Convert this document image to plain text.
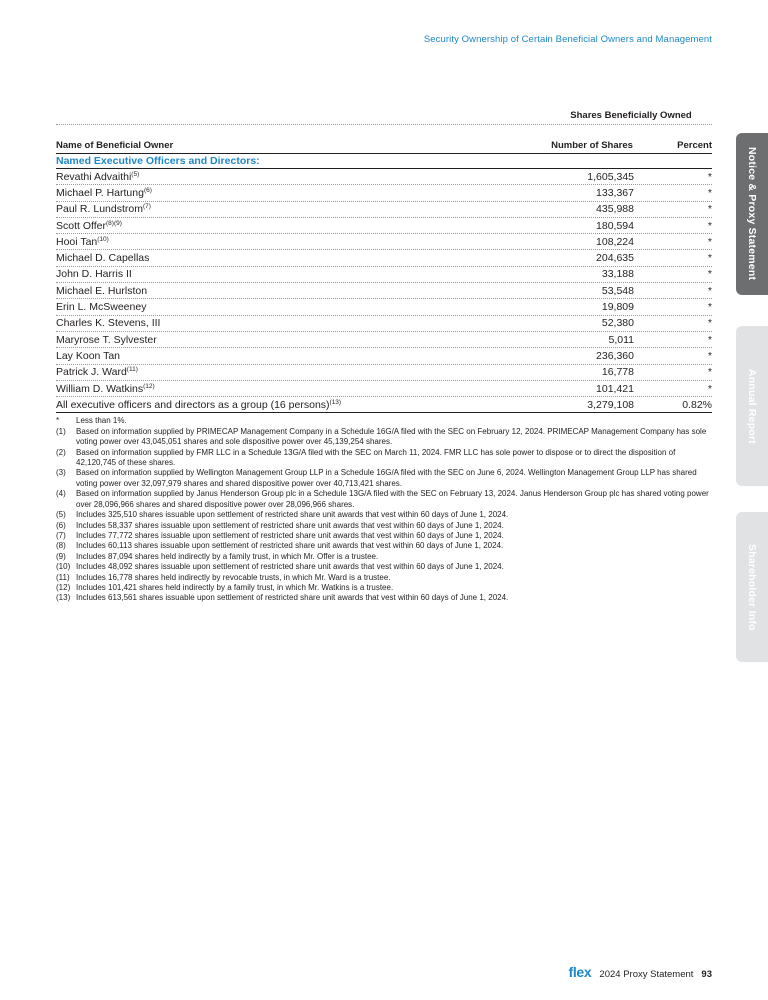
Security Ownership of Certain Beneficial Owners and Management
Shares Beneficially Owned
Name of Beneficial Owner	Number of Shares	Percent
Named Executive Officers and Directors:
Revathi Advaithi$^{(5)}$	1,605,345	*
Michael P. Hartung$^{(6)}$	133,367	*
Paul R. Lundstrom$^{(7)}$	435,988	*
Scott Offer$^{(8)(9)}$	180,594	*
Hooi Tan$^{(10)}$	108,224	*
Michael D. Capellas	204,635	*
John D. Harris II	33,188	*
Michael E. Hurlston	53,548	*
Erin L. McSweeney	19,809	*
Charles K. Stevens, III	52,380	*
Maryrose T. Sylvester	5,011	*
Lay Koon Tan	236,360	*
Patrick J. Ward$^{(11)}$	16,778	*
William D. Watkins$^{(12)}$	101,421	*
All executive officers and directors as a group (16 persons)$^{(13)}$	3,279,108	0.82%
*	Less than 1%.
(1)	Based on information supplied by PRIMECAP Management Company in a Schedule 16G/A filed with the SEC on February 12, 2024. PRIMECAP Management Company has sole voting power over 43,045,051 shares and sole dispositive power over 45,139,254 shares.
(2)	Based on information supplied by FMR LLC in a Schedule 13G/A filed with the SEC on March 11, 2024. FMR LLC has sole power to dispose or to direct the disposition of 42,120,745 of these shares.
(3)	Based on information supplied by Wellington Management Group LLP in a Schedule 16G/A filed with the SEC on June 6, 2024. Wellington Management Group LLP has shared voting power over 32,097,979 shares and shared dispositive power over 40,713,421 shares.
(4)	Based on information supplied by Janus Henderson Group plc in a Schedule 13G/A filed with the SEC on February 13, 2024. Janus Henderson Group plc has shared voting power over 28,096,966 shares and shared dispositive power over 28,096,966 shares.
(5)	Includes 325,510 shares issuable upon settlement of restricted share unit awards that vest within 60 days of June 1, 2024.
(6)	Includes 58,337 shares issuable upon settlement of restricted share unit awards that vest within 60 days of June 1, 2024.
(7)	Includes 77,772 shares issuable upon settlement of restricted share unit awards that vest within 60 days of June 1, 2024.
(8)	Includes 60,113 shares issuable upon settlement of restricted share unit awards that vest within 60 days of June 1, 2024.
(9)	Includes 87,094 shares held indirectly by a family trust, in which Mr. Offer is a trustee.
(10) Includes 48,092 shares issuable upon settlement of restricted share unit awards that vest within 60 days of June 1, 2024.
(11) Includes 16,778 shares held indirectly by revocable trusts, in which Mr. Ward is a trustee.
(12) Includes 101,421 shares held indirectly by a family trust, in which Mr. Watkins is a trustee.
(13) Includes 613,561 shares issuable upon settlement of restricted share unit awards that vest within 60 days of June 1, 2024.
Notice & Proxy Statement
Annual Report
Shareholder Info
flex 2024 Proxy Statement 93
